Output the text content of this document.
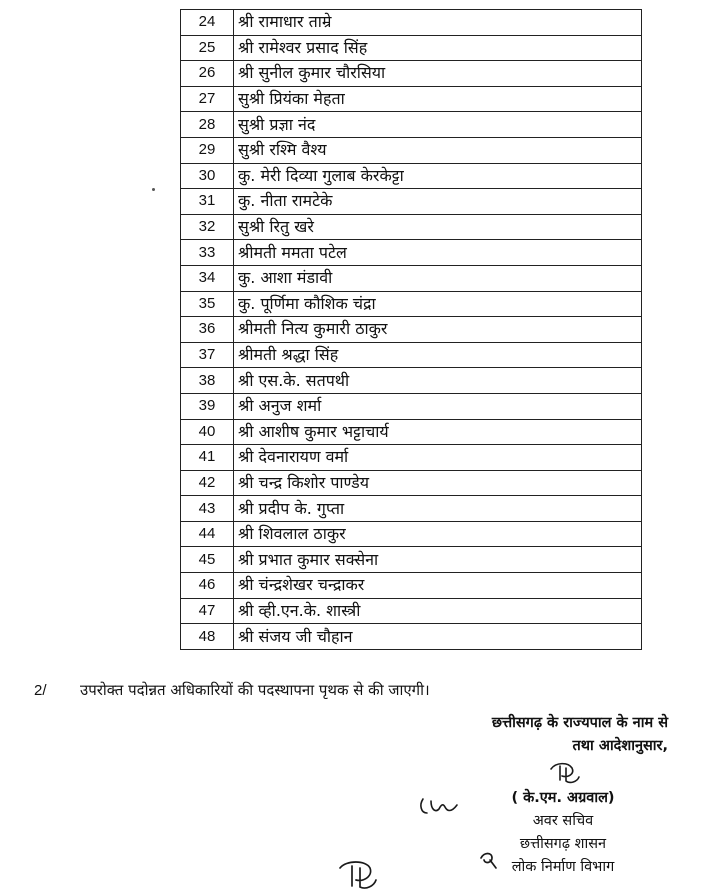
24	श्री रामाधार ताम्रे
25	श्री रामेश्वर प्रसाद सिंह
26	श्री सुनील कुमार चौरसिया
27	सुश्री प्रियंका मेहता
28	सुश्री प्रज्ञा नंद
29	सुश्री रश्मि वैश्य
30	कु. मेरी दिव्या गुलाब केरकेट्टा
31	कु. नीता रामटेके
32	सुश्री रितु खरे
33	श्रीमती ममता पटेल
34	कु. आशा मंडावी
35	कु. पूर्णिमा कौशिक चंद्रा
36	श्रीमती नित्य कुमारी ठाकुर
37	श्रीमती श्रद्धा सिंह
38	श्री एस.के. सतपथी
39	श्री अनुज शर्मा
40	श्री आशीष कुमार भट्टाचार्य
41	श्री देवनारायण वर्मा
42	श्री चन्द्र किशोर पाण्डेय
43	श्री प्रदीप के. गुप्ता
44	श्री शिवलाल ठाकुर
45	श्री प्रभात कुमार सक्सेना
46	श्री चंन्द्रशेखर चन्द्राकर
47	श्री व्ही.एन.के. शास्त्री
48	श्री संजय जी चौहान
2/ उपरोक्त पदोन्नत अधिकारियों की पदस्थापना पृथक से की जाएगी।
छत्तीसगढ़ के राज्यपाल के नाम से
तथा आदेशानुसार,
( के.एम. अग्रवाल)
अवर सचिव
छत्तीसगढ़ शासन
लोक निर्माण विभाग
